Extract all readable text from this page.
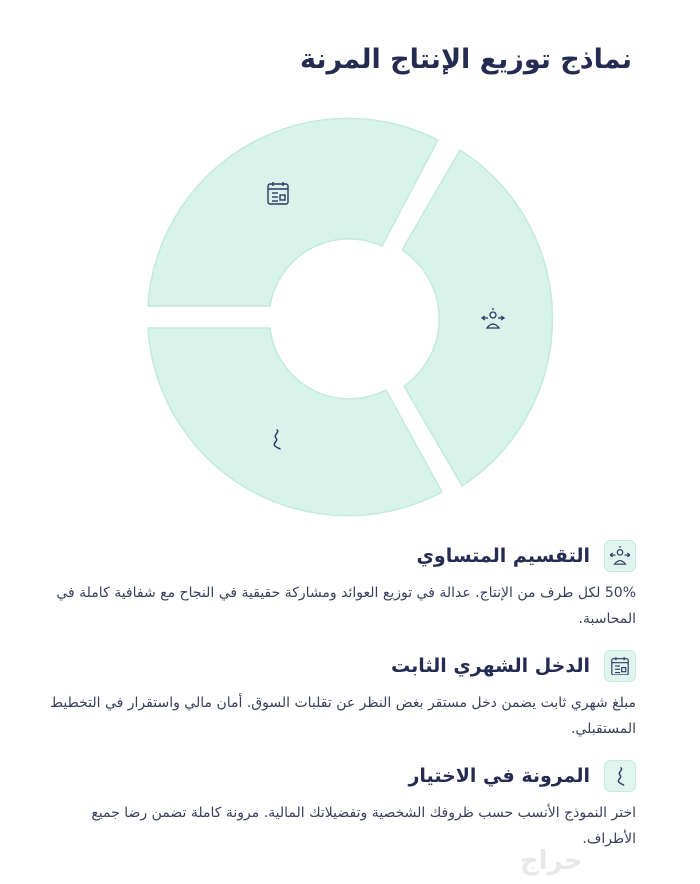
نماذج توزيع الإنتاج المرنة
التقسيم المتساوي
50% لكل طرف من الإنتاج. عدالة في توزيع العوائد ومشاركة حقيقية في النجاح مع شفافية كاملة في المحاسبة.
الدخل الشهري الثابت
مبلغ شهري ثابت يضمن دخل مستقر بغض النظر عن تقلبات السوق. أمان مالي واستقرار في التخطيط المستقبلي.
المرونة في الاختيار
اختر النموذج الأنسب حسب ظروفك الشخصية وتفضيلاتك المالية. مرونة كاملة تضمن رضا جميع الأطراف.
حراج
